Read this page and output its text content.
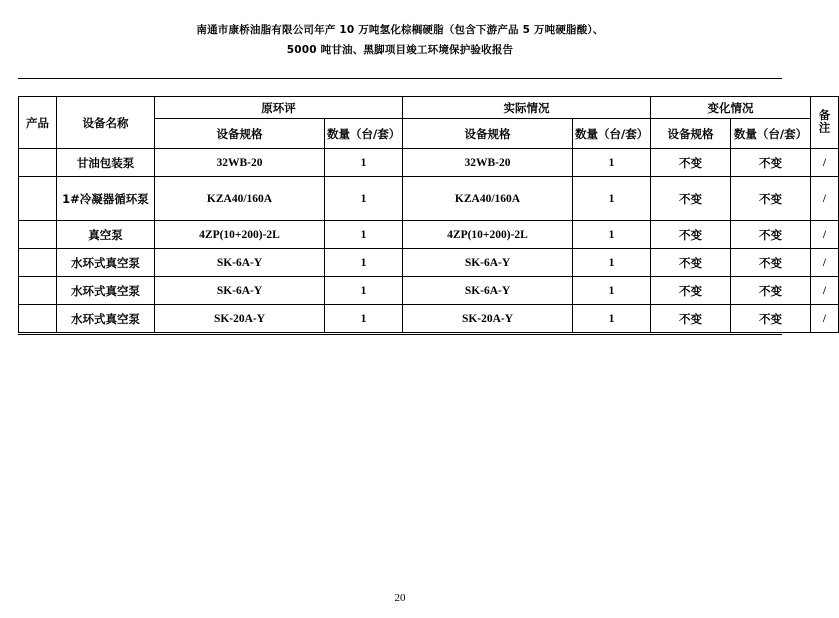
南通市康桥油脂有限公司年产 10 万吨氢化棕榈硬脂（包含下游产品 5 万吨硬脂酸）、
5000 吨甘油、黑脚项目竣工环境保护验收报告
产品	设备名称	原环评		实际情况		变化情况		备注
		设备规格	数量（台/套）	设备规格	数量（台/套）	设备规格	数量（台/套）	
	甘油包装泵	32WB-20	1	32WB-20	1	不变	不变	/
	1#冷凝器循环泵	KZA40/160A	1	KZA40/160A	1	不变	不变	/
	真空泵	4ZP(10+200)-2L	1	4ZP(10+200)-2L	1	不变	不变	/
	水环式真空泵	SK-6A-Y	1	SK-6A-Y	1	不变	不变	/
	水环式真空泵	SK-6A-Y	1	SK-6A-Y	1	不变	不变	/
	水环式真空泵	SK-20A-Y	1	SK-20A-Y	1	不变	不变	/
20
